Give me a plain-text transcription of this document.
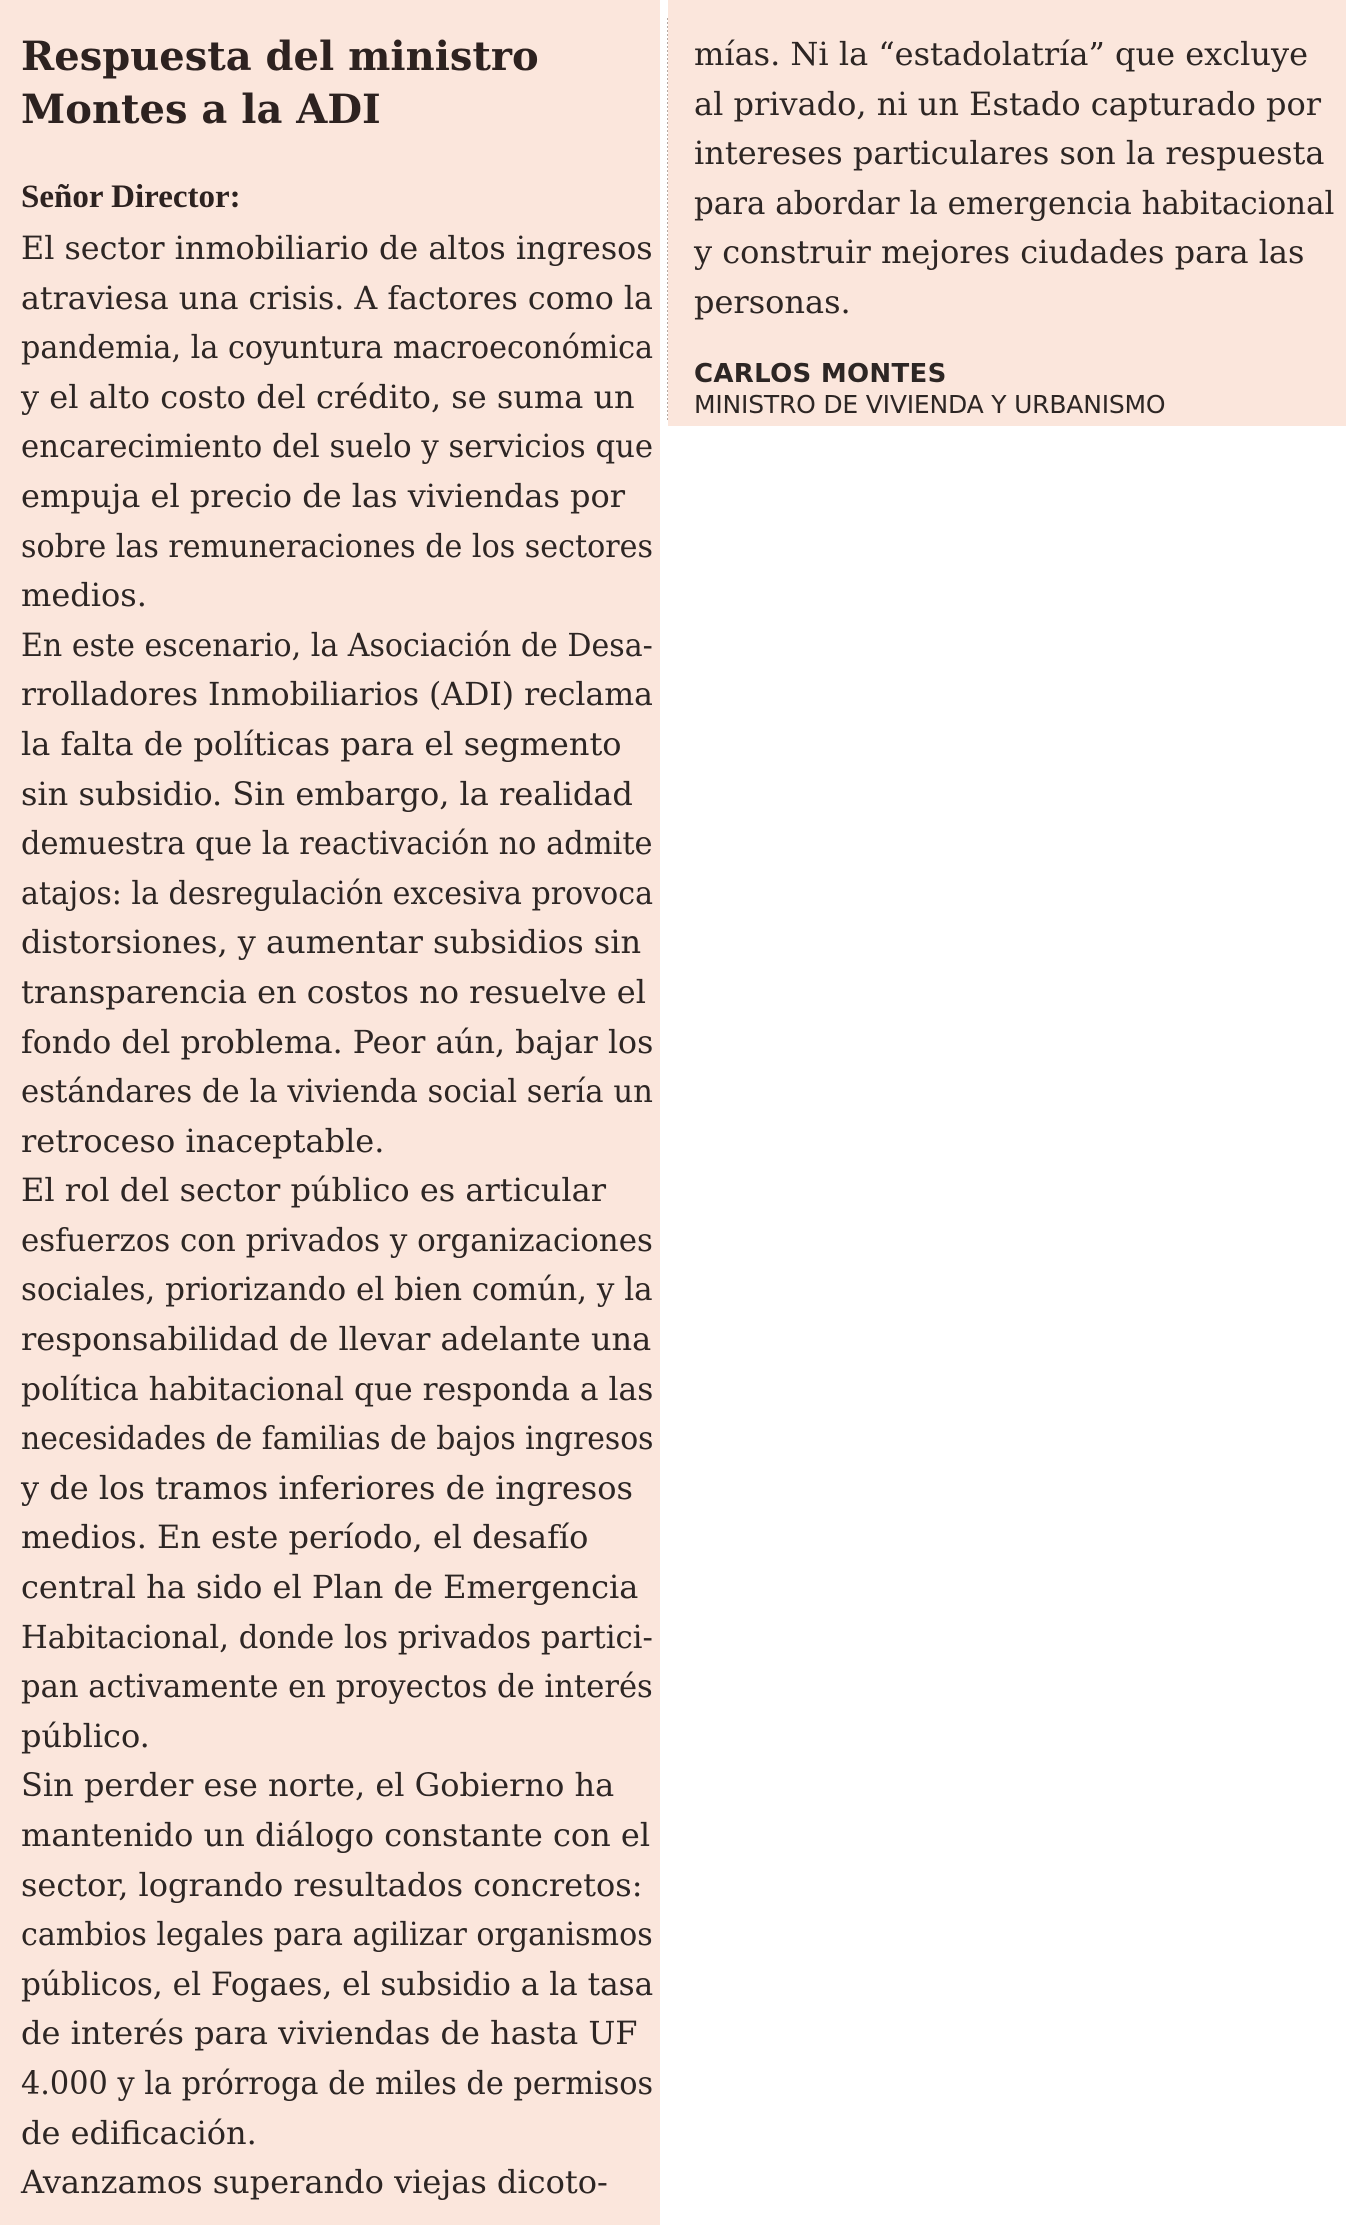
Respuesta del ministro
Montes a la ADI
Señor Director:
El sector inmobiliario de altos ingresos
atraviesa una crisis. A factores como la
pandemia, la coyuntura macroeconómica
y el alto costo del crédito, se suma un
encarecimiento del suelo y servicios que
empuja el precio de las viviendas por
sobre las remuneraciones de los sectores
medios.
En este escenario, la Asociación de Desa-
rrolladores Inmobiliarios (ADI) reclama
la falta de políticas para el segmento
sin subsidio. Sin embargo, la realidad
demuestra que la reactivación no admite
atajos: la desregulación excesiva provoca
distorsiones, y aumentar subsidios sin
transparencia en costos no resuelve el
fondo del problema. Peor aún, bajar los
estándares de la vivienda social sería un
retroceso inaceptable.
El rol del sector público es articular
esfuerzos con privados y organizaciones
sociales, priorizando el bien común, y la
responsabilidad de llevar adelante una
política habitacional que responda a las
necesidades de familias de bajos ingresos
y de los tramos inferiores de ingresos
medios. En este período, el desafío
central ha sido el Plan de Emergencia
Habitacional, donde los privados partici-
pan activamente en proyectos de interés
público.
Sin perder ese norte, el Gobierno ha
mantenido un diálogo constante con el
sector, logrando resultados concretos:
cambios legales para agilizar organismos
públicos, el Fogaes, el subsidio a la tasa
de interés para viviendas de hasta UF
4.000 y la prórroga de miles de permisos
de edificación.
Avanzamos superando viejas dicoto-
mías. Ni la “estadolatría” que excluye
al privado, ni un Estado capturado por
intereses particulares son la respuesta
para abordar la emergencia habitacional
y construir mejores ciudades para las
personas.
CARLOS MONTES
MINISTRO DE VIVIENDA Y URBANISMO
